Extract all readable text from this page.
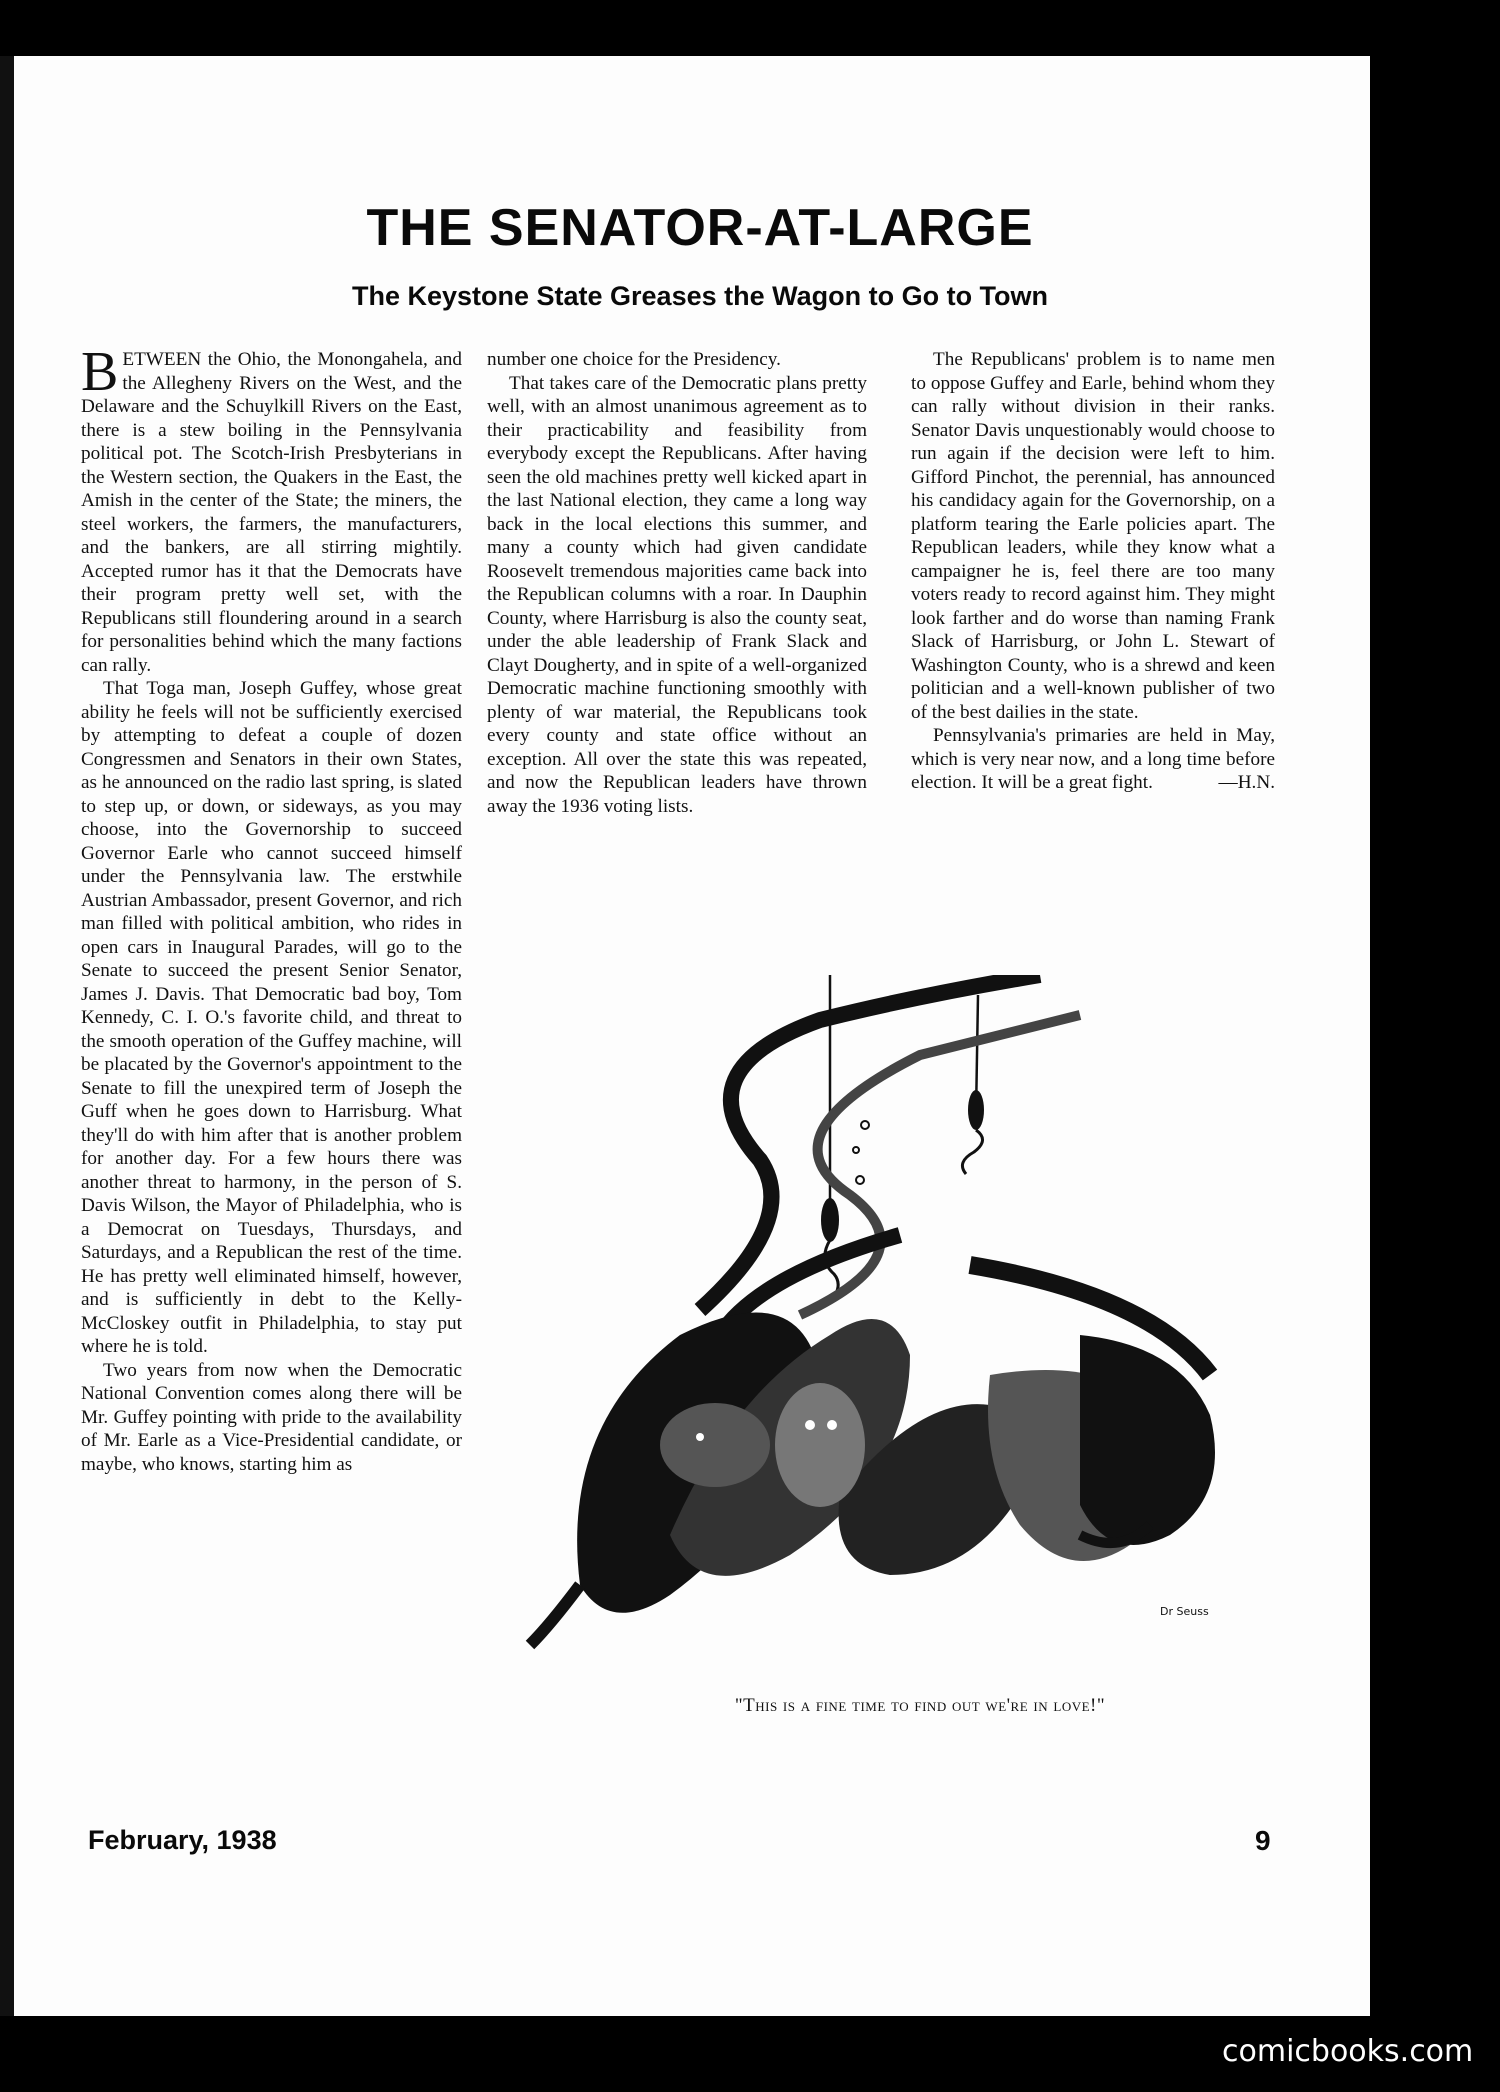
THE SENATOR-AT-LARGE
The Keystone State Greases the Wagon to Go to Town

BETWEEN the Ohio, the Monongahela, and the Allegheny Rivers on the West, and the Delaware and the Schuylkill Rivers on the East, there is a stew boiling in the Pennsylvania political pot. The Scotch-Irish Presbyterians in the Western section, the Quakers in the East, the Amish in the center of the State; the miners, the steel workers, the farmers, the manufacturers, and the bankers, are all stirring mightily. Accepted rumor has it that the Democrats have their program pretty well set, with the Republicans still floundering around in a search for personalities behind which the many factions can rally.

That Toga man, Joseph Guffey, whose great ability he feels will not be sufficiently exercised by attempting to defeat a couple of dozen Congressmen and Senators in their own States, as he announced on the radio last spring, is slated to step up, or down, or sideways, as you may choose, into the Governorship to succeed Governor Earle who cannot succeed himself under the Pennsylvania law. The erstwhile Austrian Ambassador, present Governor, and rich man filled with political ambition, who rides in open cars in Inaugural Parades, will go to the Senate to succeed the present Senior Senator, James J. Davis. That Democratic bad boy, Tom Kennedy, C. I. O.'s favorite child, and threat to the smooth operation of the Guffey machine, will be placated by the Governor's appointment to the Senate to fill the unexpired term of Joseph the Guff when he goes down to Harrisburg. What they'll do with him after that is another problem for another day. For a few hours there was another threat to harmony, in the person of S. Davis Wilson, the Mayor of Philadelphia, who is a Democrat on Tuesdays, Thursdays, and Saturdays, and a Republican the rest of the time. He has pretty well eliminated himself, however, and is sufficiently in debt to the Kelly-McCloskey outfit in Philadelphia, to stay put where he is told.

Two years from now when the Democratic National Convention comes along there will be Mr. Guffey pointing with pride to the availability of Mr. Earle as a Vice-Presidential candidate, or maybe, who knows, starting him as

number one choice for the Presidency.

That takes care of the Democratic plans pretty well, with an almost unanimous agreement as to their practicability and feasibility from everybody except the Republicans. After having seen the old machines pretty well kicked apart in the last National election, they came a long way back in the local elections this summer, and many a county which had given candidate Roosevelt tremendous majorities came back into the Republican columns with a roar. In Dauphin County, where Harrisburg is also the county seat, under the able leadership of Frank Slack and Clayt Dougherty, and in spite of a well-organized Democratic machine functioning smoothly with plenty of war material, the Republicans took every county and state office without an exception. All over the state this was repeated, and now the Republican leaders have thrown away the 1936 voting lists.

The Republicans' problem is to name men to oppose Guffey and Earle, behind whom they can rally without division in their ranks. Senator Davis unquestionably would choose to run again if the decision were left to him. Gifford Pinchot, the perennial, has announced his candidacy again for the Governorship, on a platform tearing the Earle policies apart. The Republican leaders, while they know what a campaigner he is, feel there are too many voters ready to record against him. They might look farther and do worse than naming Frank Slack of Harrisburg, or John L. Stewart of Washington County, who is a shrewd and keen politician and a well-known publisher of two of the best dailies in the state.

Pennsylvania's primaries are held in May, which is very near now, and a long time before election. It will be a great fight.	—H.N.

Dr Seuss
"This is a fine time to find out we're in love!"
February, 1938	9
comicbooks.com
